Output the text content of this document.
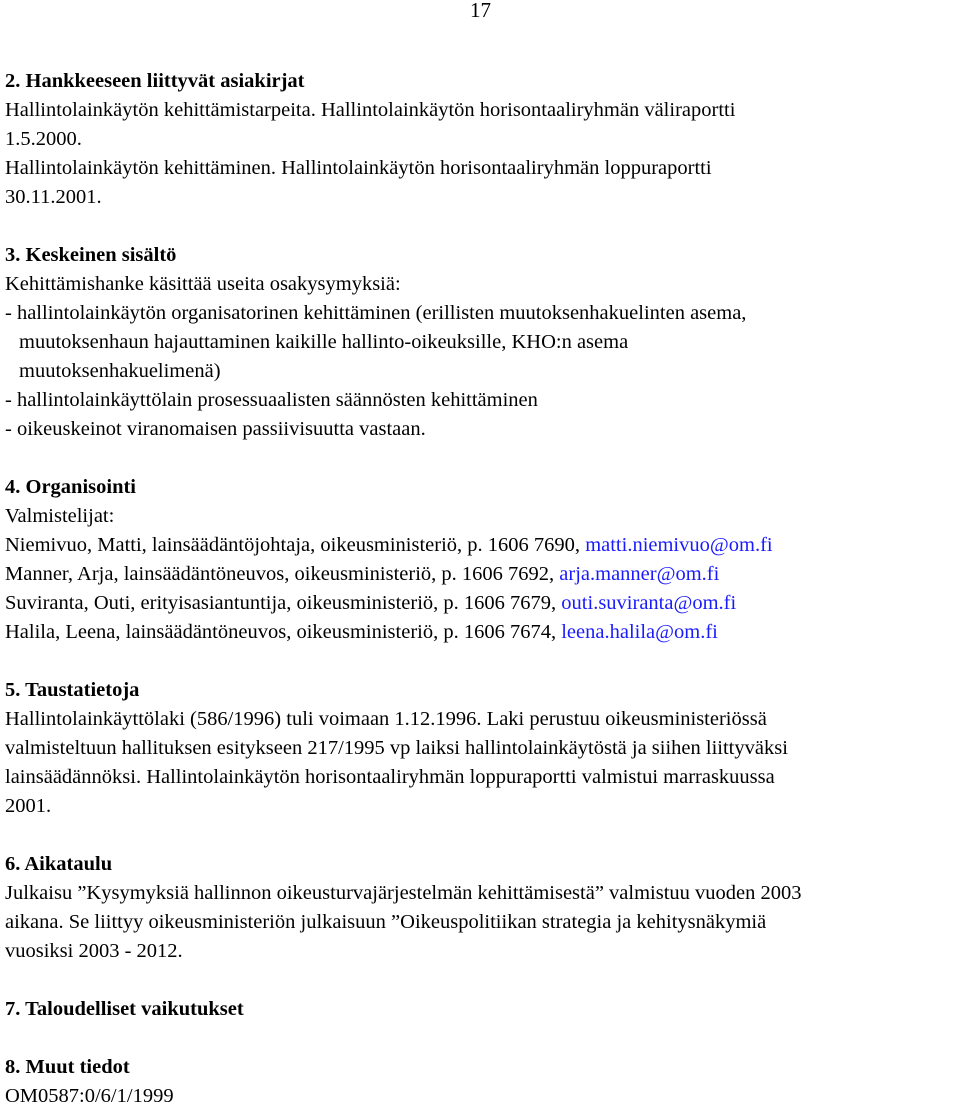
17
2. Hankkeeseen liittyvät asiakirjat
Hallintolainkäytön kehittämistarpeita. Hallintolainkäytön horisontaaliryhmän väliraportti
1.5.2000.
Hallintolainkäytön kehittäminen. Hallintolainkäytön horisontaaliryhmän loppuraportti
30.11.2001.
3. Keskeinen sisältö
Kehittämishanke käsittää useita osakysymyksiä:
- hallintolainkäytön organisatorinen kehittäminen (erillisten muutoksenhakuelinten asema,
muutoksenhaun hajauttaminen kaikille hallinto-oikeuksille, KHO:n asema
muutoksenhakuelimenä)
- hallintolainkäyttölain prosessuaalisten säännösten kehittäminen
- oikeuskeinot viranomaisen passiivisuutta vastaan.
4. Organisointi
Valmistelijat:
Niemivuo, Matti, lainsäädäntöjohtaja, oikeusministeriö, p. 1606 7690, matti.niemivuo@om.fi
Manner, Arja, lainsäädäntöneuvos, oikeusministeriö, p. 1606 7692, arja.manner@om.fi
Suviranta, Outi, erityisasiantuntija, oikeusministeriö, p. 1606 7679, outi.suviranta@om.fi
Halila, Leena, lainsäädäntöneuvos, oikeusministeriö, p. 1606 7674, leena.halila@om.fi
5. Taustatietoja
Hallintolainkäyttölaki (586/1996) tuli voimaan 1.12.1996. Laki perustuu oikeusministeriössä
valmisteltuun hallituksen esitykseen 217/1995 vp laiksi hallintolainkäytöstä ja siihen liittyväksi
lainsäädännöksi. Hallintolainkäytön horisontaaliryhmän loppuraportti valmistui marraskuussa
2001.
6. Aikataulu
Julkaisu ”Kysymyksiä hallinnon oikeusturvajärjestelmän kehittämisestä” valmistuu vuoden 2003
aikana. Se liittyy oikeusministeriön julkaisuun ”Oikeuspolitiikan strategia ja kehitysnäkymiä
vuosiksi 2003 - 2012.
7. Taloudelliset vaikutukset
8. Muut tiedot
OM0587:0/6/1/1999
